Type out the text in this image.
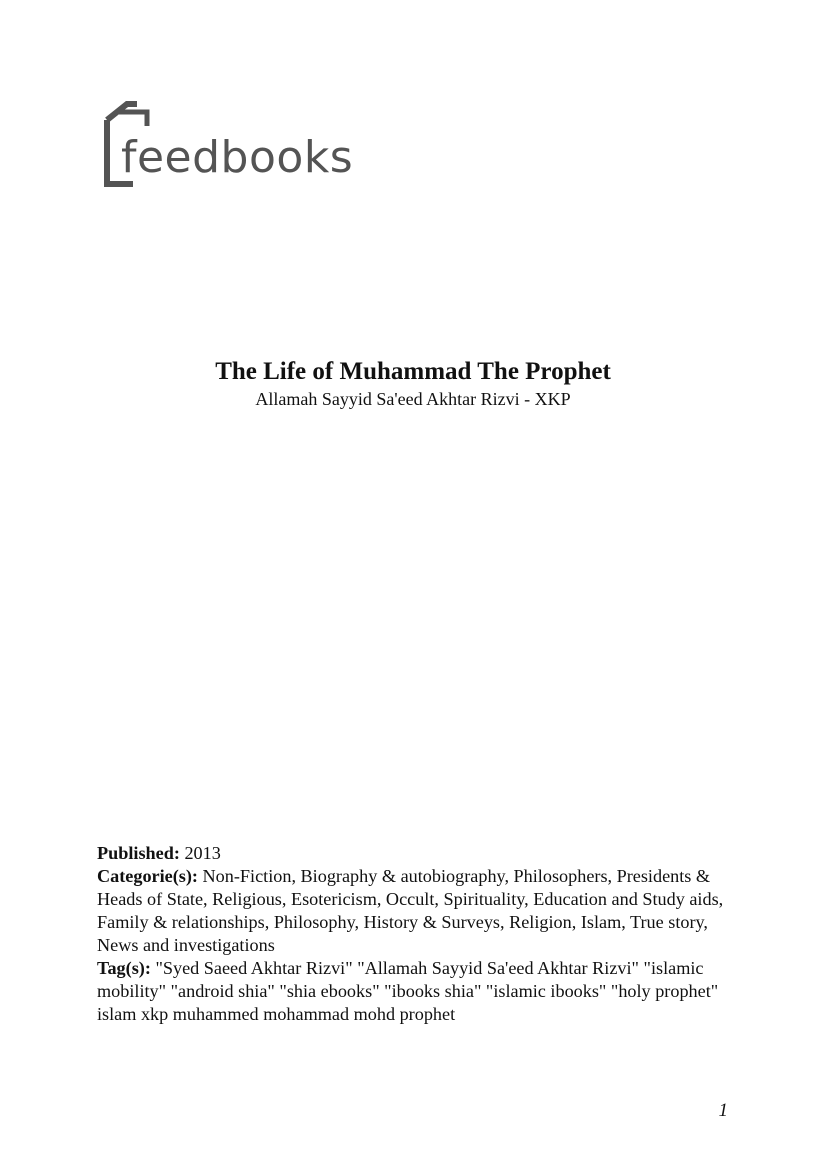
feedbooks

The Life of Muhammad The Prophet

Allamah Sayyid Sa'eed Akhtar Rizvi - XKP

Published: 2013

Categorie(s): Non-Fiction, Biography & autobiography, Philosophers, Presidents & Heads of State, Religious, Esotericism, Occult, Spirituality, Education and Study aids, Family & relationships, Philosophy, History & Surveys, Religion, Islam, True story, News and investigations

Tag(s): "Syed Saeed Akhtar Rizvi" "Allamah Sayyid Sa'eed Akhtar Rizvi" "islamic mobility" "android shia" "shia ebooks" "ibooks shia" "islamic ibooks" "holy prophet" islam xkp muhammed mohammad mohd prophet

1
